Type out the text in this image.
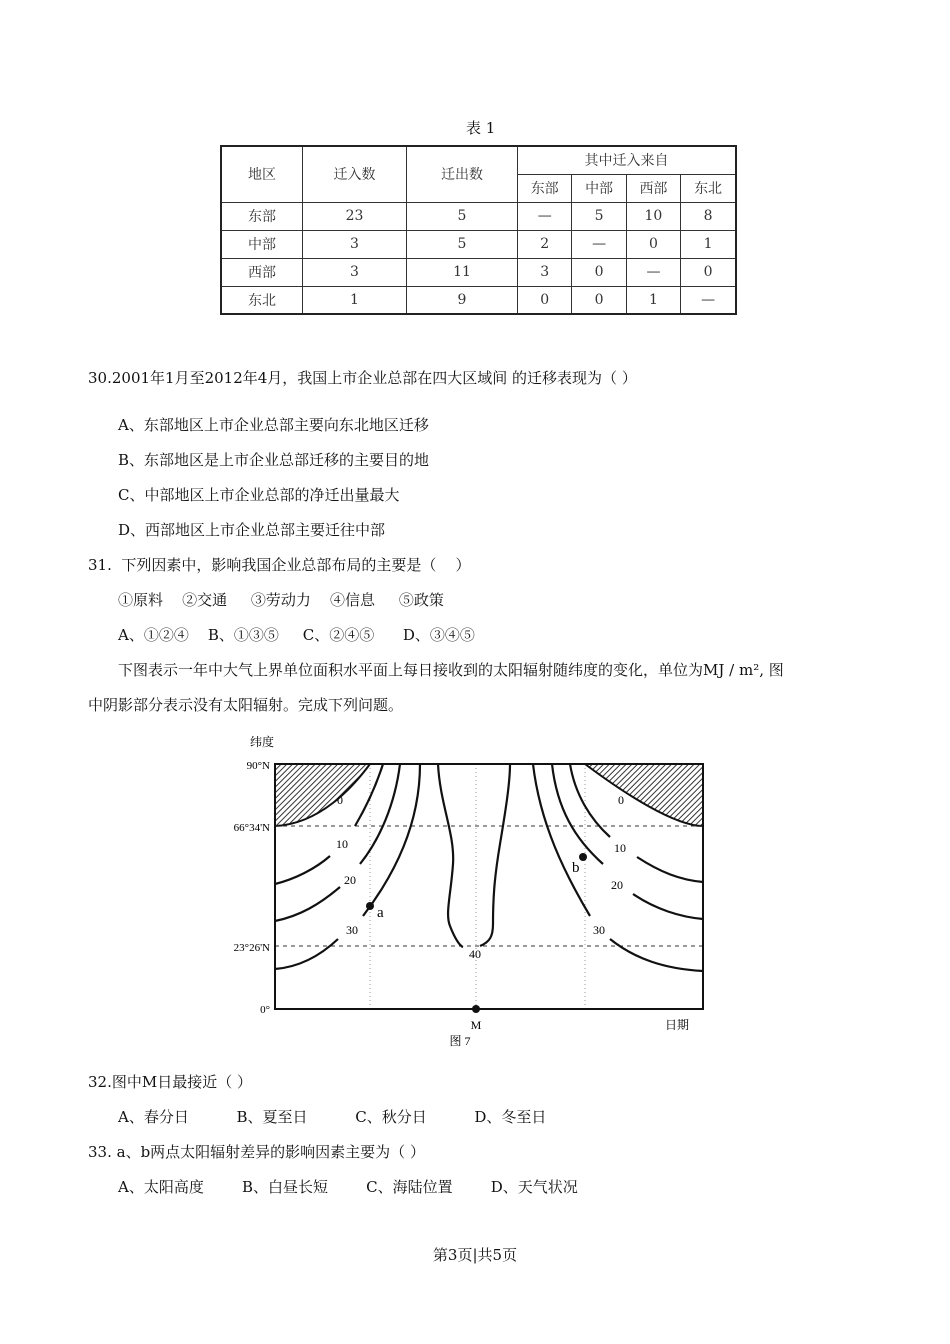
表 1
地区	迁入数	迁出数	其中迁入来自			
			东部	中部	西部	东北
东部	23	5	—	5	10	8
中部	3	5	2	—	0	1
西部	3	11	3	0	—	0
东北	1	9	0	0	1	—
30.2001年1月至2012年4月，我国上市企业总部在四大区域间 的迁移表现为（ ）
A、东部地区上市企业总部主要向东北地区迁移
B、东部地区是上市企业总部迁移的主要目的地
C、中部地区上市企业总部的净迁出量最大
D、西部地区上市企业总部主要迁往中部
31.  下列因素中，影响我国企业总部布局的主要是（    ）
①原料    ②交通     ③劳动力    ④信息     ⑤政策
A、①②④    B、①③⑤     C、②④⑤      D、③④⑤
下图表示一年中大气上界单位面积水平面上每日接收到的太阳辐射随纬度的变化，单位为MJ / m², 图
中阴影部分表示没有太阳辐射。完成下列问题。
纬度
90°N
66°34'N
23°26'N
0°
0
10
20
30
40
0
10
20
30
a
b
M	日期
图 7
32.图中M日最接近（ ）
A、春分日          B、夏至日          C、秋分日          D、冬至日
33. a、b两点太阳辐射差异的影响因素主要为（ ）
A、太阳高度        B、白昼长短        C、海陆位置        D、天气状况
第3页|共5页
